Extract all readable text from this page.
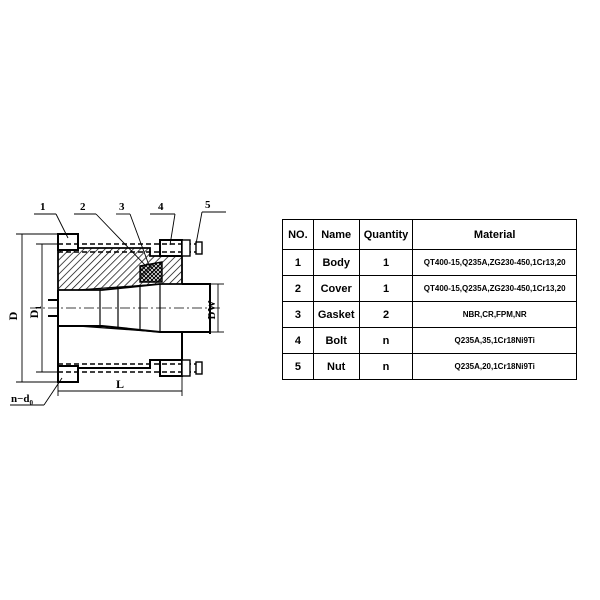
1	2	3	4	5
D $D_1$	DW
L
$n-d_0$
NO.	Name	Quantity	Material
1	Body	1	QT400-15,Q235A,ZG230-450,1Cr13,20
2	Cover	1	QT400-15,Q235A,ZG230-450,1Cr13,20
3	Gasket	2	NBR,CR,FPM,NR
4	Bolt	n	Q235A,35,1Cr18Ni9Ti
5	Nut	n	Q235A,20,1Cr18Ni9Ti
